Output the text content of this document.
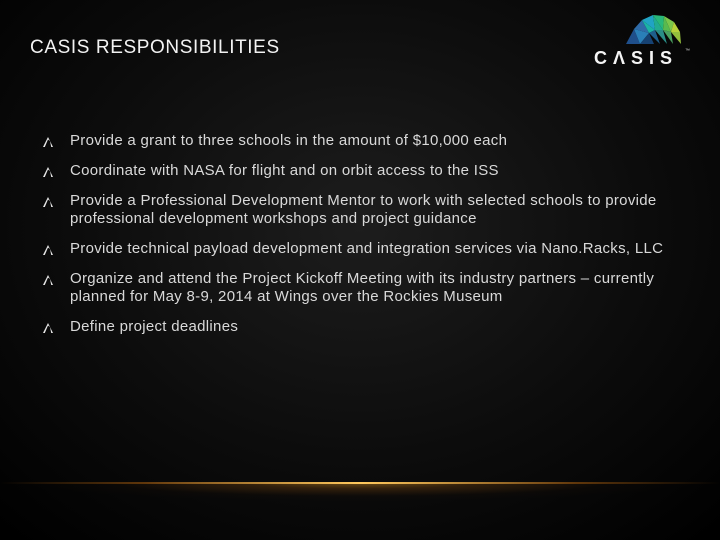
CASIS RESPONSIBILITIES	CΛSIS ™
Provide a grant to three schools in the amount of $10,000 each
Coordinate with NASA for flight and on orbit access to the ISS
Provide a Professional Development Mentor to work with selected schools to provide professional development workshops and project guidance
Provide technical payload development and integration services via Nano.Racks, LLC
Organize and attend the Project Kickoff Meeting with its industry partners – currently planned for May 8-9, 2014 at Wings over the Rockies Museum
Define project deadlines
